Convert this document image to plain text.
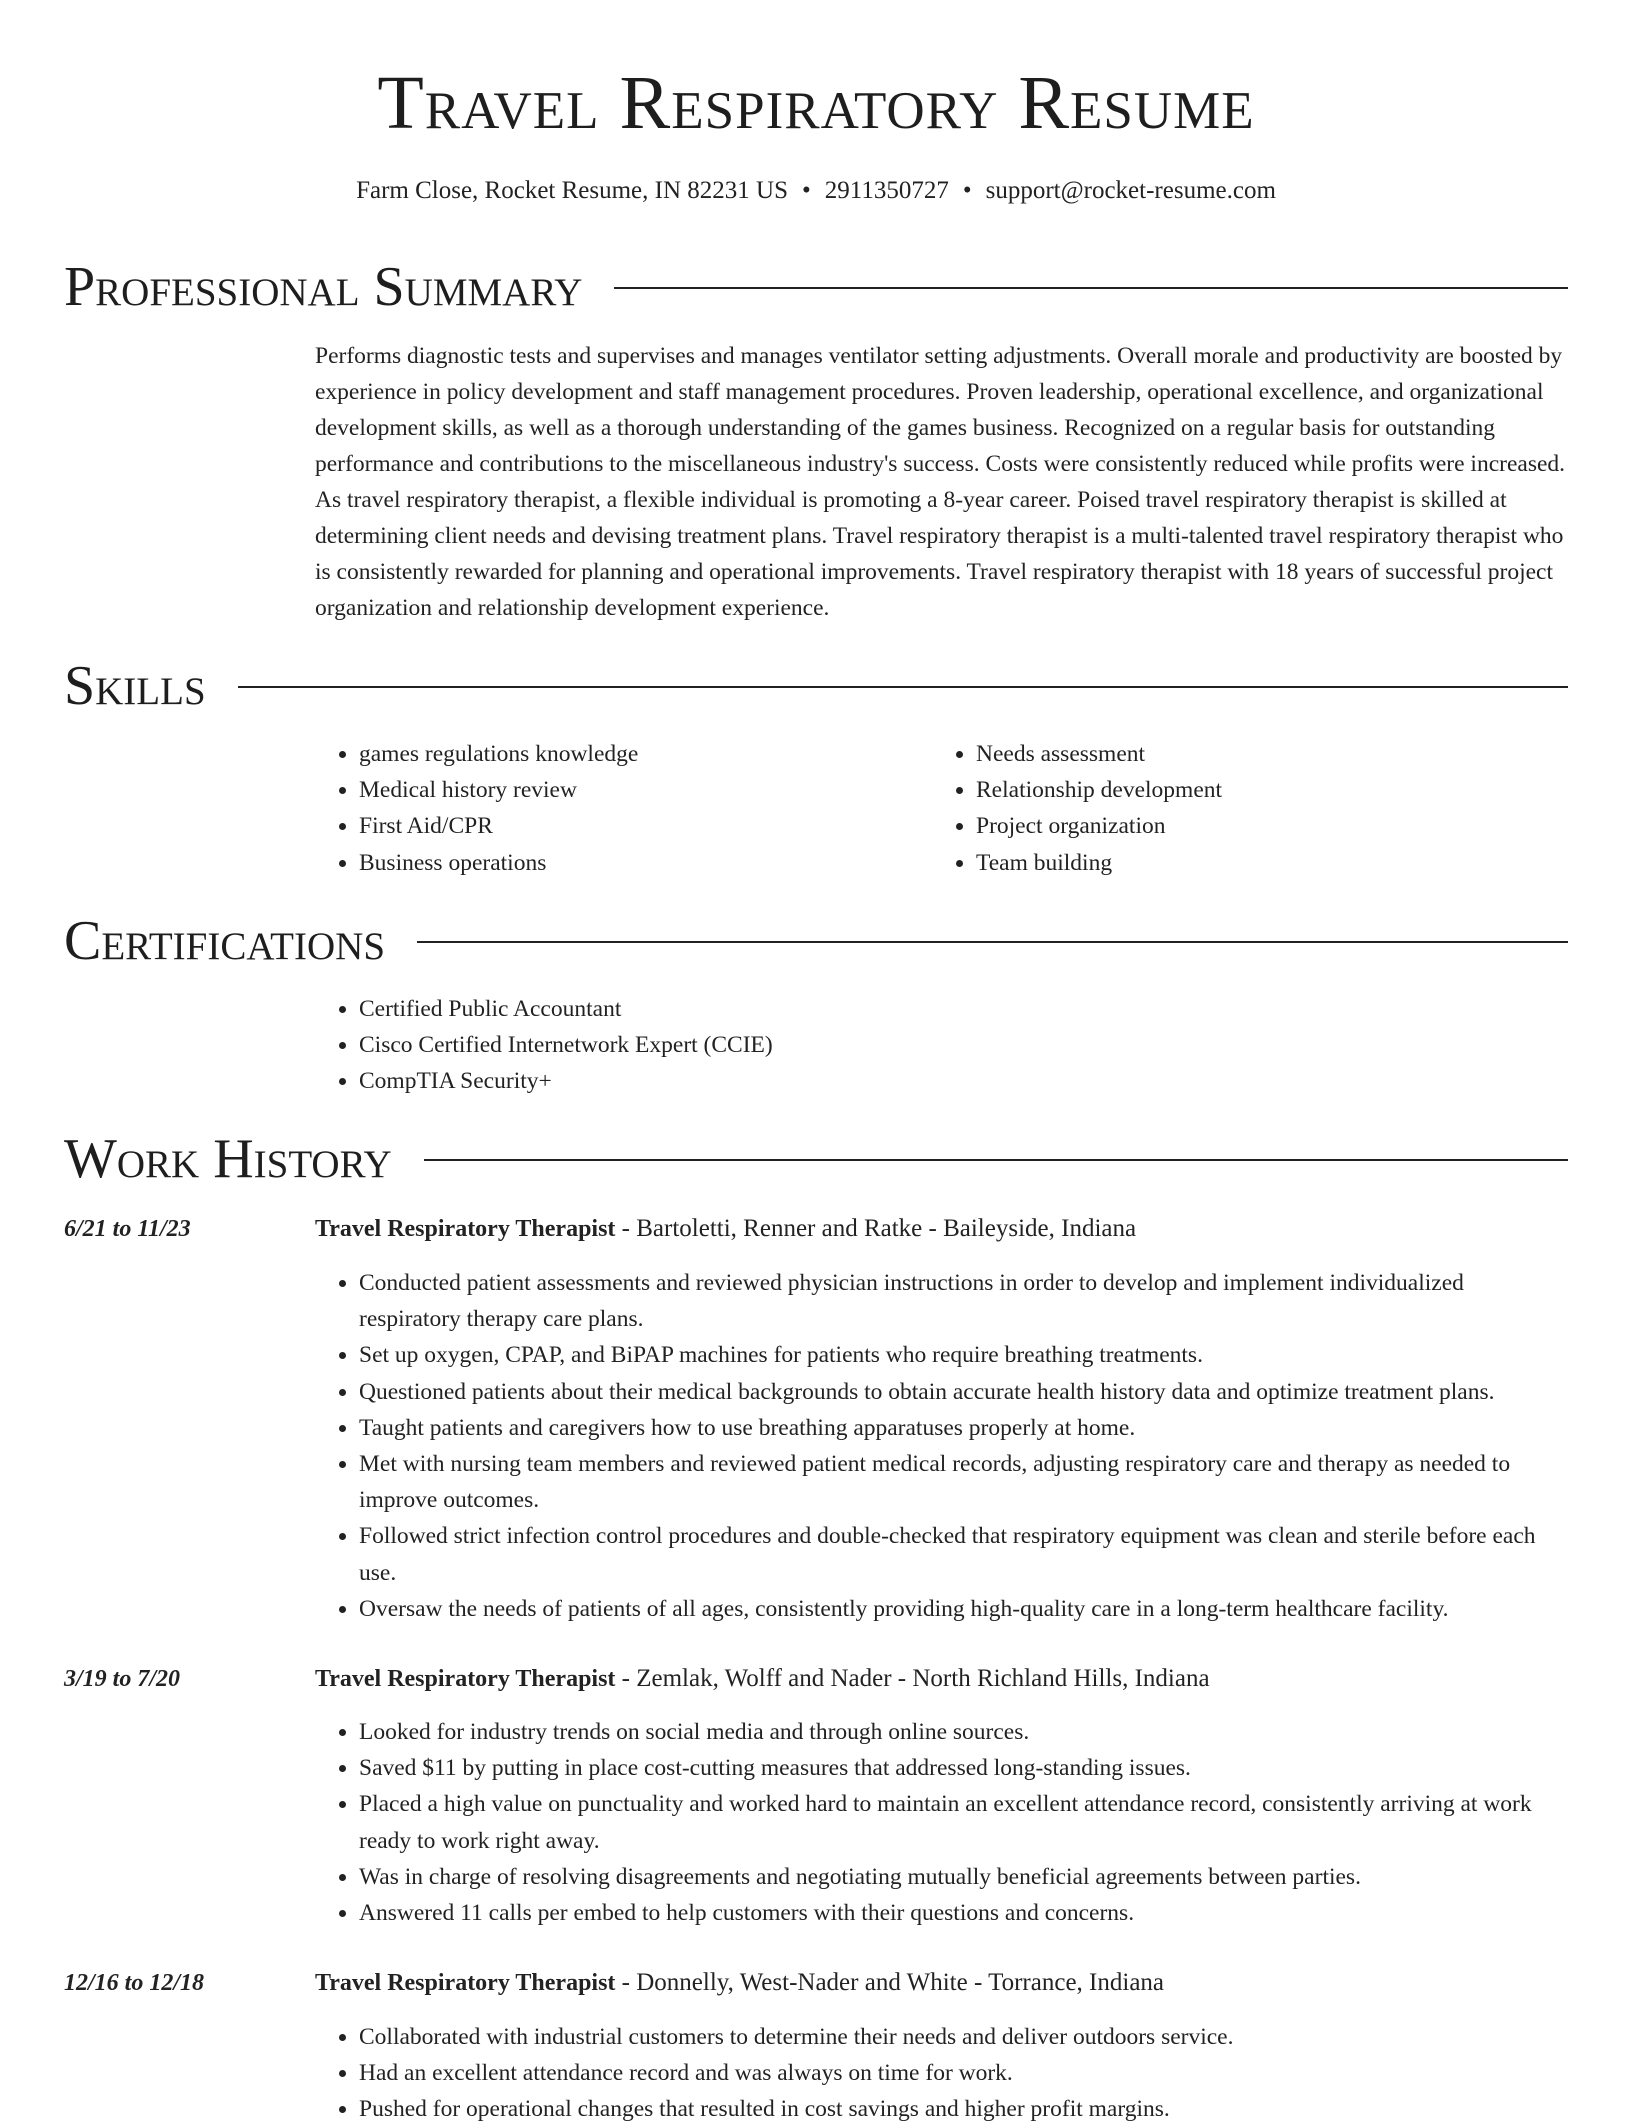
Travel Respiratory Resume
Farm Close, Rocket Resume, IN 82231 US • 2911350727 • support@rocket-resume.com
Professional Summary

Performs diagnostic tests and supervises and manages ventilator setting adjustments. Overall morale and productivity are boosted by experience in policy development and staff management procedures. Proven leadership, operational excellence, and organizational development skills, as well as a thorough understanding of the games business. Recognized on a regular basis for outstanding performance and contributions to the miscellaneous industry's success. Costs were consistently reduced while profits were increased. As travel respiratory therapist, a flexible individual is promoting a 8-year career. Poised travel respiratory therapist is skilled at determining client needs and devising treatment plans. Travel respiratory therapist is a multi-talented travel respiratory therapist who is consistently rewarded for planning and operational improvements. Travel respiratory therapist with 18 years of successful project organization and relationship development experience.

Skills
• games regulations knowledge
• Medical history review
• First Aid/CPR
• Business operations
• Needs assessment
• Relationship development
• Project organization
• Team building
Certifications
• Certified Public Accountant
• Cisco Certified Internetwork Expert (CCIE)
• CompTIA Security+
Work History
6/21 to 11/23	Travel Respiratory Therapist - Bartoletti, Renner and Ratke - Baileyside, Indiana
• Conducted patient assessments and reviewed physician instructions in order to develop and implement individualized respiratory therapy care plans.
• Set up oxygen, CPAP, and BiPAP machines for patients who require breathing treatments.
• Questioned patients about their medical backgrounds to obtain accurate health history data and optimize treatment plans.
• Taught patients and caregivers how to use breathing apparatuses properly at home.
• Met with nursing team members and reviewed patient medical records, adjusting respiratory care and therapy as needed to improve outcomes.
• Followed strict infection control procedures and double-checked that respiratory equipment was clean and sterile before each use.
• Oversaw the needs of patients of all ages, consistently providing high-quality care in a long-term healthcare facility.
3/19 to 7/20	Travel Respiratory Therapist - Zemlak, Wolff and Nader - North Richland Hills, Indiana
• Looked for industry trends on social media and through online sources.
• Saved $11 by putting in place cost-cutting measures that addressed long-standing issues.
• Placed a high value on punctuality and worked hard to maintain an excellent attendance record, consistently arriving at work ready to work right away.
• Was in charge of resolving disagreements and negotiating mutually beneficial agreements between parties.
• Answered 11 calls per embed to help customers with their questions and concerns.
12/16 to 12/18	Travel Respiratory Therapist - Donnelly, West-Nader and White - Torrance, Indiana
• Collaborated with industrial customers to determine their needs and deliver outdoors service.
• Had an excellent attendance record and was always on time for work.
• Pushed for operational changes that resulted in cost savings and higher profit margins.
